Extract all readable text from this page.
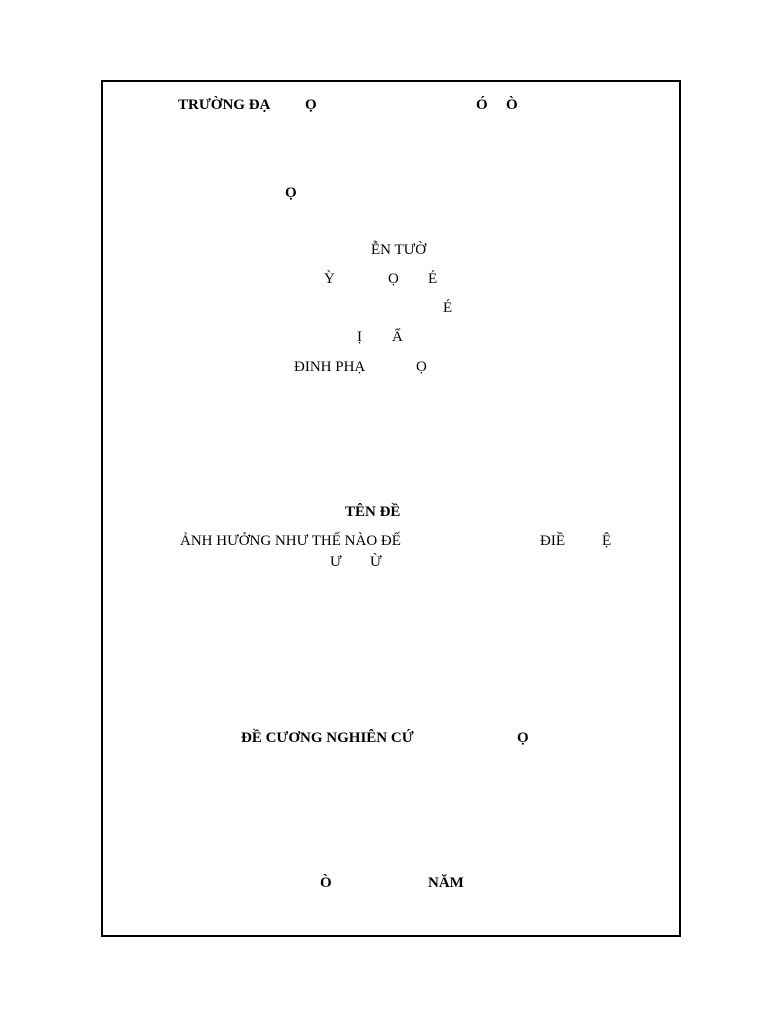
TRƯỜNG ĐẠ Ọ	Ó Ò
Ọ
ỄN TƯỜ
Ỳ	Ọ É
É
Ị Ẩ
ĐINH PHẠ	Ọ
TÊN ĐỀ
ẢNH HƯỞNG NHƯ THẾ NÀO ĐẾ	ĐIỀ Ệ
Ư Ừ
ĐỀ CƯƠNG NGHIÊN CỨ	Ọ
Ò	NĂM
